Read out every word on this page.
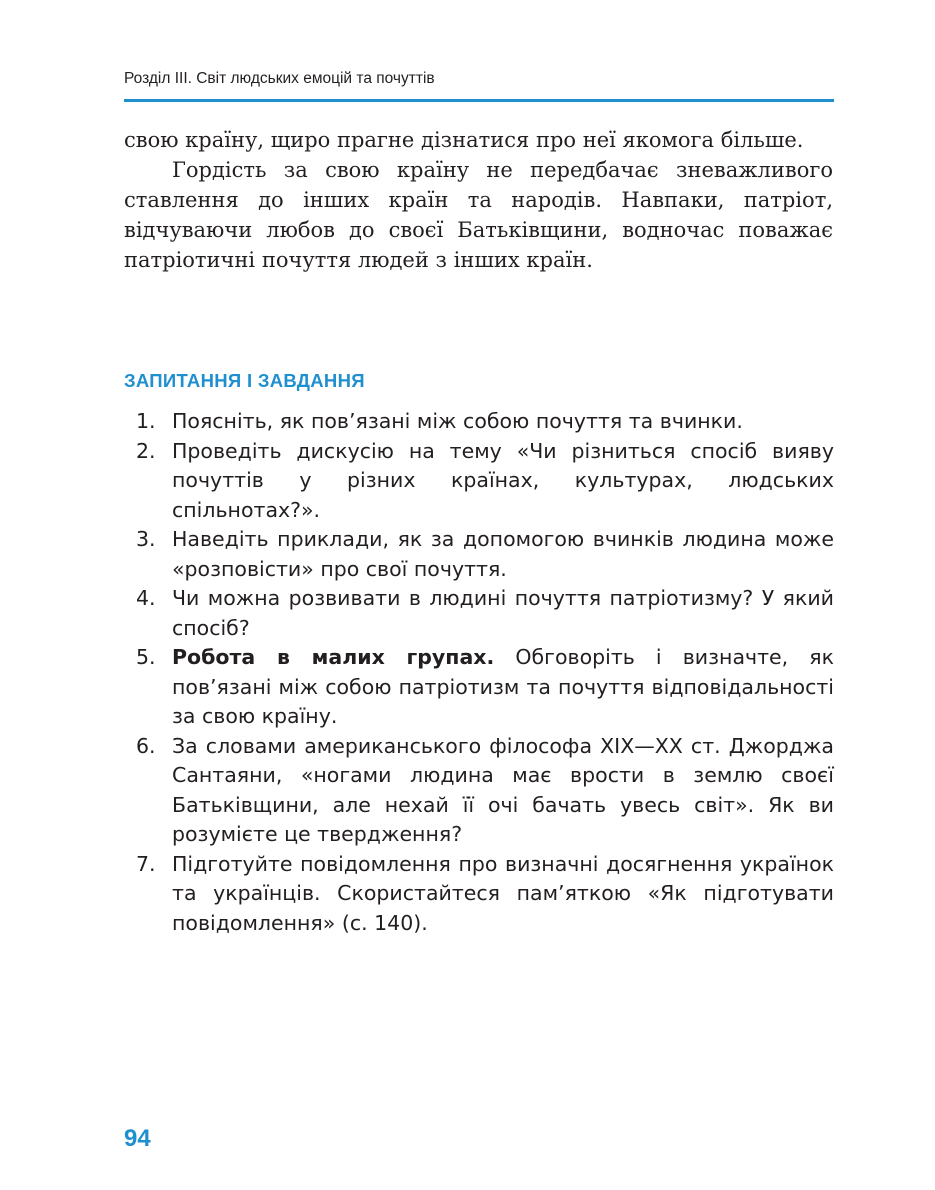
Розділ ІІІ. Світ людських емоцій та почуттів

свою країну, щиро прагне дізнатися про неї якомога більше.

Гордість за свою країну не передбачає зневажливого ставлення до інших країн та народів. Навпаки, патріот, відчуваючи любов до своєї Батьківщини, водночас поважає патріотичні почуття людей з інших країн.

ЗАПИТАННЯ І ЗАВДАННЯ
1. Поясніть, як пов’язані між собою почуття та вчинки.
2. Проведіть дискусію на тему «Чи різниться спосіб вияву почуттів у різних країнах, культурах, людських спільнотах?».
3. Наведіть приклади, як за допомогою вчинків людина може «розповісти» про свої почуття.
4. Чи можна розвивати в людині почуття патріотизму? У який спосіб?
5. Робота в малих групах. Обговоріть і визначте, як пов’язані між собою патріотизм та почуття відповідальності за свою країну.
6. За словами американського філософа XIX—XX ст. Джорджа Сантаяни, «ногами людина має врости в землю своєї Батьківщини, але нехай її очі бачать увесь світ». Як ви розумієте це твердження?
7. Підготуйте повідомлення про визначні досягнення українок та українців. Скористайтеся пам’яткою «Як підготувати повідомлення» (с. 140).
94
